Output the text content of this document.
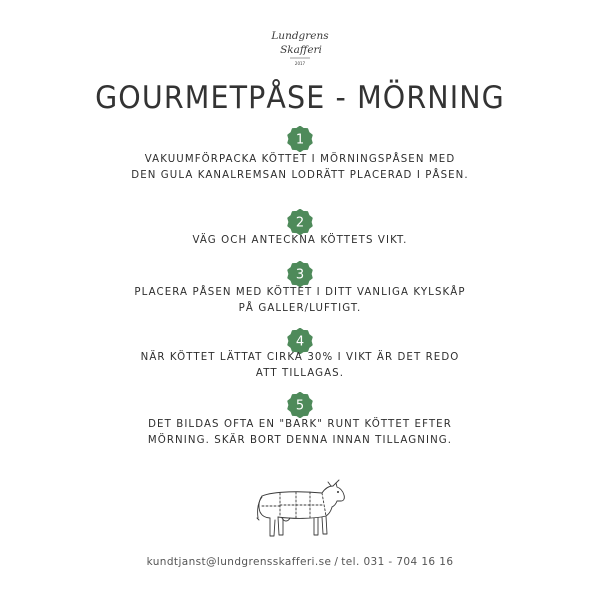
Lundgrens
Skafferi
2017
GOURMETPÅSE - MÖRNING
1
VAKUUMFÖRPACKA KÖTTET I MÖRNINGSPÅSEN MED DEN GULA KANALREMSAN LODRÄTT PLACERAD I PÅSEN.
2
VÄG OCH ANTECKNA KÖTTETS VIKT.
3
PLACERA PÅSEN MED KÖTTET I DITT VANLIGA KYLSKÅP PÅ GALLER/LUFTIGT.
4
NÄR KÖTTET LÄTTAT CIRKA 30% I VIKT ÄR DET REDO ATT TILLAGAS.
5
DET BILDAS OFTA EN "BARK" RUNT KÖTTET EFTER MÖRNING. SKÄR BORT DENNA INNAN TILLAGNING.
kundtjanst@lundgrensskafferi.se / tel. 031 - 704 16 16
